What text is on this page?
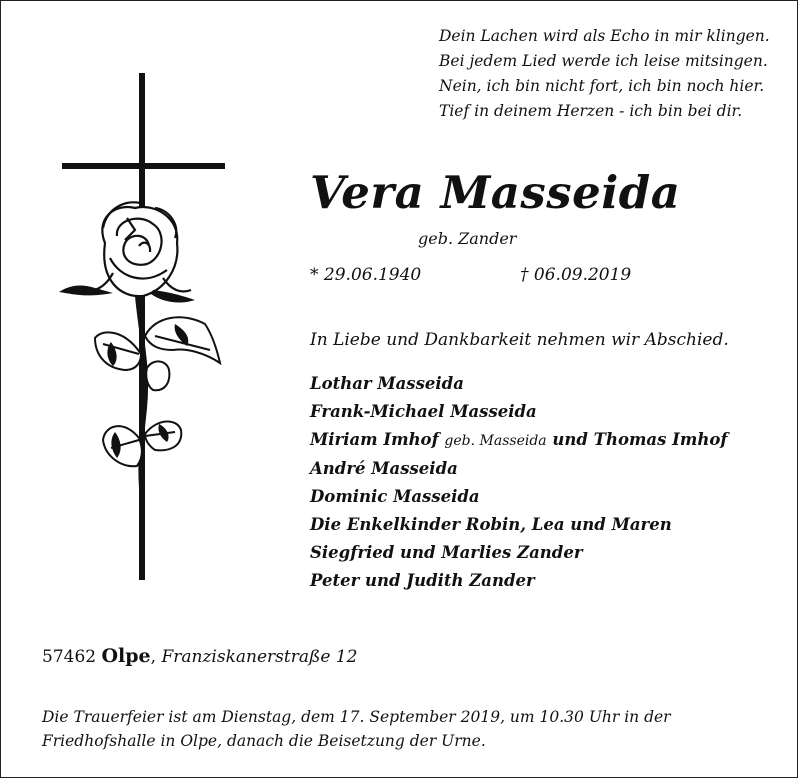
Dein Lachen wird als Echo in mir klingen.
Bei jedem Lied werde ich leise mitsingen.
Nein, ich bin nicht fort, ich bin noch hier.
Tief in deinem Herzen - ich bin bei dir.
Vera Masseida
geb. Zander
* 29.06.1940	† 06.09.2019
In Liebe und Dankbarkeit nehmen wir Abschied.
Lothar Masseida
Frank-Michael Masseida
Miriam Imhof geb. Masseida und Thomas Imhof
André Masseida
Dominic Masseida
Die Enkelkinder Robin, Lea und Maren
Siegfried und Marlies Zander
Peter und Judith Zander
57462 Olpe, Franziskanerstraße 12
Die Trauerfeier ist am Dienstag, dem 17. September 2019, um 10.30 Uhr in der Friedhofshalle in Olpe, danach die Beisetzung der Urne.
